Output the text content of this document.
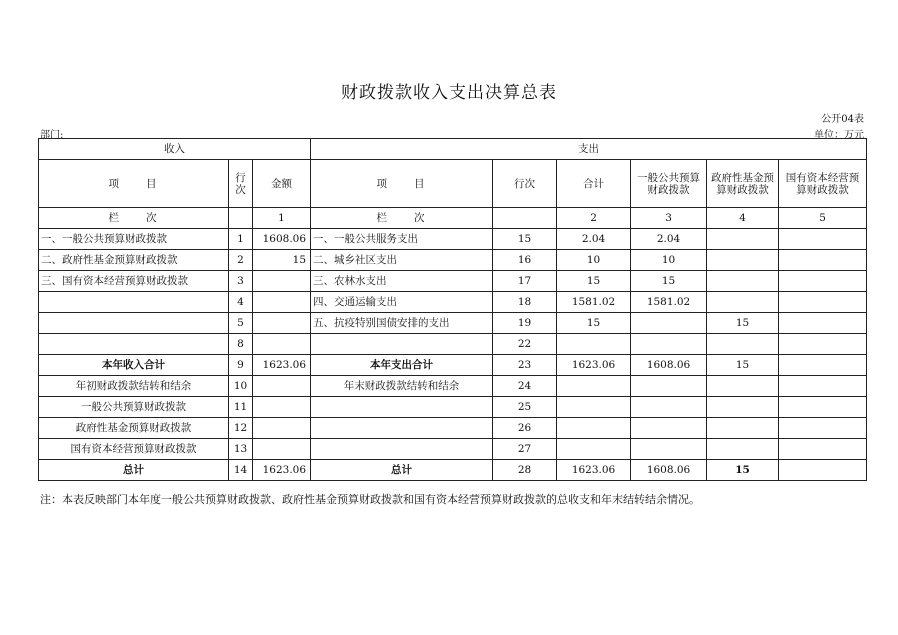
财政拨款收入支出决算总表
公开04表
部门:	单位：万元
收入			支出					
项　　目	行次	金额	项　　目	行次	合计	一般公共预算财政拨款	政府性基金预算财政拨款	国有资本经营预算财政拨款
栏　　次		1	栏　　次		2	3	4	5
一、一般公共预算财政拨款	1	1608.06	一、一般公共服务支出	15	2.04	2.04		
二、政府性基金预算财政拨款	2	15	二、城乡社区支出	16	10	10		
三、国有资本经营预算财政拨款	3		三、农林水支出	17	15	15		
	4		四、交通运输支出	18	1581.02	1581.02		
	5		五、抗疫特别国债安排的支出	19	15		15	
	8			22				
本年收入合计	9	1623.06	本年支出合计	23	1623.06	1608.06	15	
年初财政拨款结转和结余	10		年末财政拨款结转和结余	24				
一般公共预算财政拨款	11			25				
政府性基金预算财政拨款	12			26				
国有资本经营预算财政拨款	13			27				
总计	14	1623.06	总计	28	1623.06	1608.06	15	
注：本表反映部门本年度一般公共预算财政拨款、政府性基金预算财政拨款和国有资本经营预算财政拨款的总收支和年末结转结余情况。
